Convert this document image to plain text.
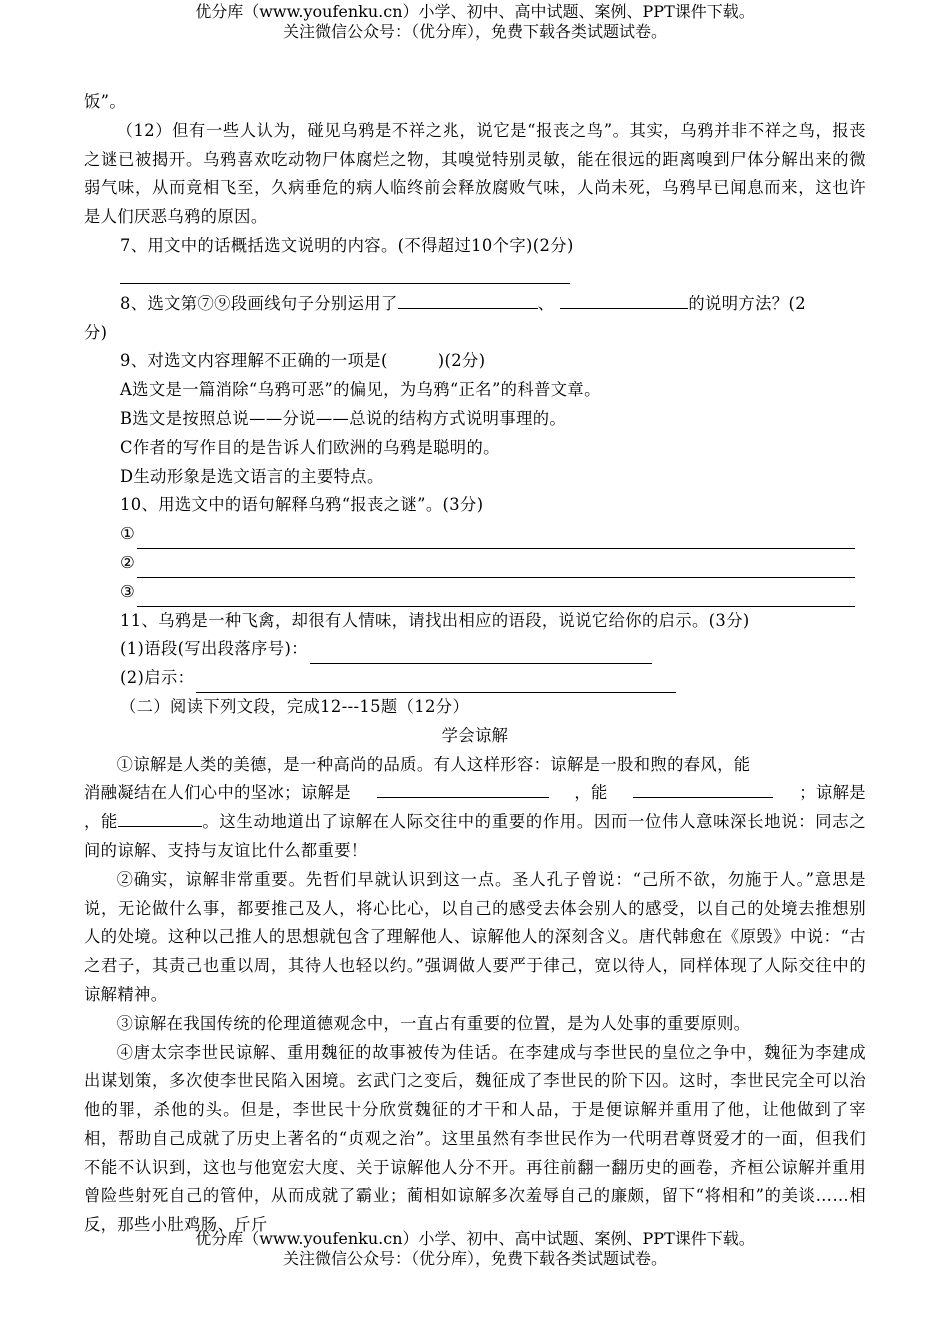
优分库（www.youfenku.cn）小学、初中、高中试题、案例、PPT课件下载。
关注微信公众号：（优分库），免费下载各类试题试卷。

饭”。

（12）但有一些人认为，碰见乌鸦是不祥之兆，说它是“报丧之鸟”。其实，乌鸦并非不祥之鸟，报丧之谜已被揭开。乌鸦喜欢吃动物尸体腐烂之物，其嗅觉特别灵敏，能在很远的距离嗅到尸体分解出来的微弱气味，从而竟相飞至，久病垂危的病人临终前会释放腐败气味，人尚未死，乌鸦早已闻息而来，这也许是人们厌恶乌鸦的原因。

7、用文中的话概括选文说明的内容。(不得超过10个字)(2分)

8、选文第⑦⑨段画线句子分别运用了	、	的说明方法？(2

分)

9、对选文内容理解不正确的一项是(　　　)(2分)

A选文是一篇消除“乌鸦可恶”的偏见，为乌鸦“正名”的科普文章。

B选文是按照总说——分说——总说的结构方式说明事理的。

C作者的写作目的是告诉人们欧洲的乌鸦是聪明的。

D生动形象是选文语言的主要特点。

10、用选文中的语句解释乌鸦“报丧之谜”。(3分)

①
②
③

11、乌鸦是一种飞禽，却很有人情味，请找出相应的语段，说说它给你的启示。(3分)

(1)语段(写出段落序号)：
(2)启示：

（二）阅读下列文段，完成12---15题（12分）

学会谅解

①谅解是人类的美德，是一种高尚的品质。有人这样形容：谅解是一股和煦的春风，能

消融凝结在人们心中的坚冰；谅解是	，能	；谅解是

，能	。这生动地道出了谅解在人际交往中的重要的作用。因而一位伟人意味深长地说：同志之间的谅解、支持与友谊比什么都重要！

②确实，谅解非常重要。先哲们早就认识到这一点。圣人孔子曾说：“己所不欲，勿施于人。”意思是说，无论做什么事，都要推己及人，将心比心，以自己的感受去体会别人的感受，以自己的处境去推想别人的处境。这种以己推人的思想就包含了理解他人、谅解他人的深刻含义。唐代韩愈在《原毁》中说：“古之君子，其责己也重以周，其待人也轻以约。”强调做人要严于律己，宽以待人，同样体现了人际交往中的谅解精神。

③谅解在我国传统的伦理道德观念中，一直占有重要的位置，是为人处事的重要原则。

④唐太宗李世民谅解、重用魏征的故事被传为佳话。在李建成与李世民的皇位之争中，魏征为李建成出谋划策，多次使李世民陷入困境。玄武门之变后，魏征成了李世民的阶下囚。这时，李世民完全可以治他的罪，杀他的头。但是，李世民十分欣赏魏征的才干和人品，于是便谅解并重用了他，让他做到了宰相，帮助自己成就了历史上著名的“贞观之治”。这里虽然有李世民作为一代明君尊贤爱才的一面，但我们不能不认识到，这也与他宽宏大度、关于谅解他人分不开。再往前翻一翻历史的画卷，齐桓公谅解并重用曾险些射死自己的管仲，从而成就了霸业；蔺相如谅解多次羞辱自己的廉颇，留下“将相和”的美谈……相反，那些小肚鸡肠、斤斤

优分库（www.youfenku.cn）小学、初中、高中试题、案例、PPT课件下载。
关注微信公众号：（优分库），免费下载各类试题试卷。
